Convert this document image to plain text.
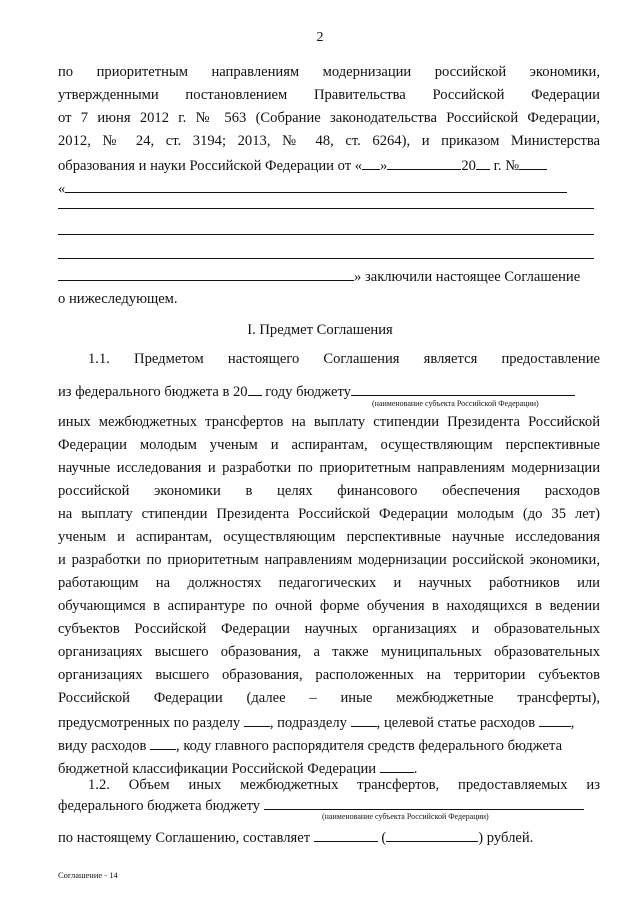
2
по приоритетным направлениям модернизации российской экономики,
утвержденными постановлением Правительства Российской Федерации
от 7 июня 2012 г. № 563 (Собрание законодательства Российской Федерации,
2012, № 24, ст. 3194; 2013, № 48, ст. 6264), и приказом Министерства
образования и науки Российской Федерации от « »	20 г. №
«
» заключили настоящее Соглашение
о нижеследующем.
I. Предмет Соглашения
1.1. Предметом настоящего Соглашения является предоставление
из федерального бюджета в 20 году бюджету
(наименование субъекта Российской Федерации)
иных межбюджетных трансфертов на выплату стипендии Президента Российской
Федерации молодым ученым и аспирантам, осуществляющим перспективные
научные исследования и разработки по приоритетным направлениям модернизации
российской экономики в целях финансового обеспечения расходов
на выплату стипендии Президента Российской Федерации молодым (до 35 лет)
ученым и аспирантам, осуществляющим перспективные научные исследования
и разработки по приоритетным направлениям модернизации российской экономики,
работающим на должностях педагогических и научных работников или
обучающимся в аспирантуре по очной форме обучения в находящихся в ведении
субъектов Российской Федерации научных организациях и образовательных
организациях высшего образования, а также муниципальных образовательных
организациях высшего образования, расположенных на территории субъектов
Российской Федерации (далее – иные межбюджетные трансферты),
предусмотренных по разделу , подразделу , целевой статье расходов ,
виду расходов , коду главного распорядителя средств федерального бюджета
бюджетной классификации Российской Федерации	.
1.2. Объем иных межбюджетных трансфертов, предоставляемых из
федерального бюджета бюджету
(наименование субъекта Российской Федерации)
по настоящему Соглашению, составляет	(	) рублей.
Соглашение - 14
